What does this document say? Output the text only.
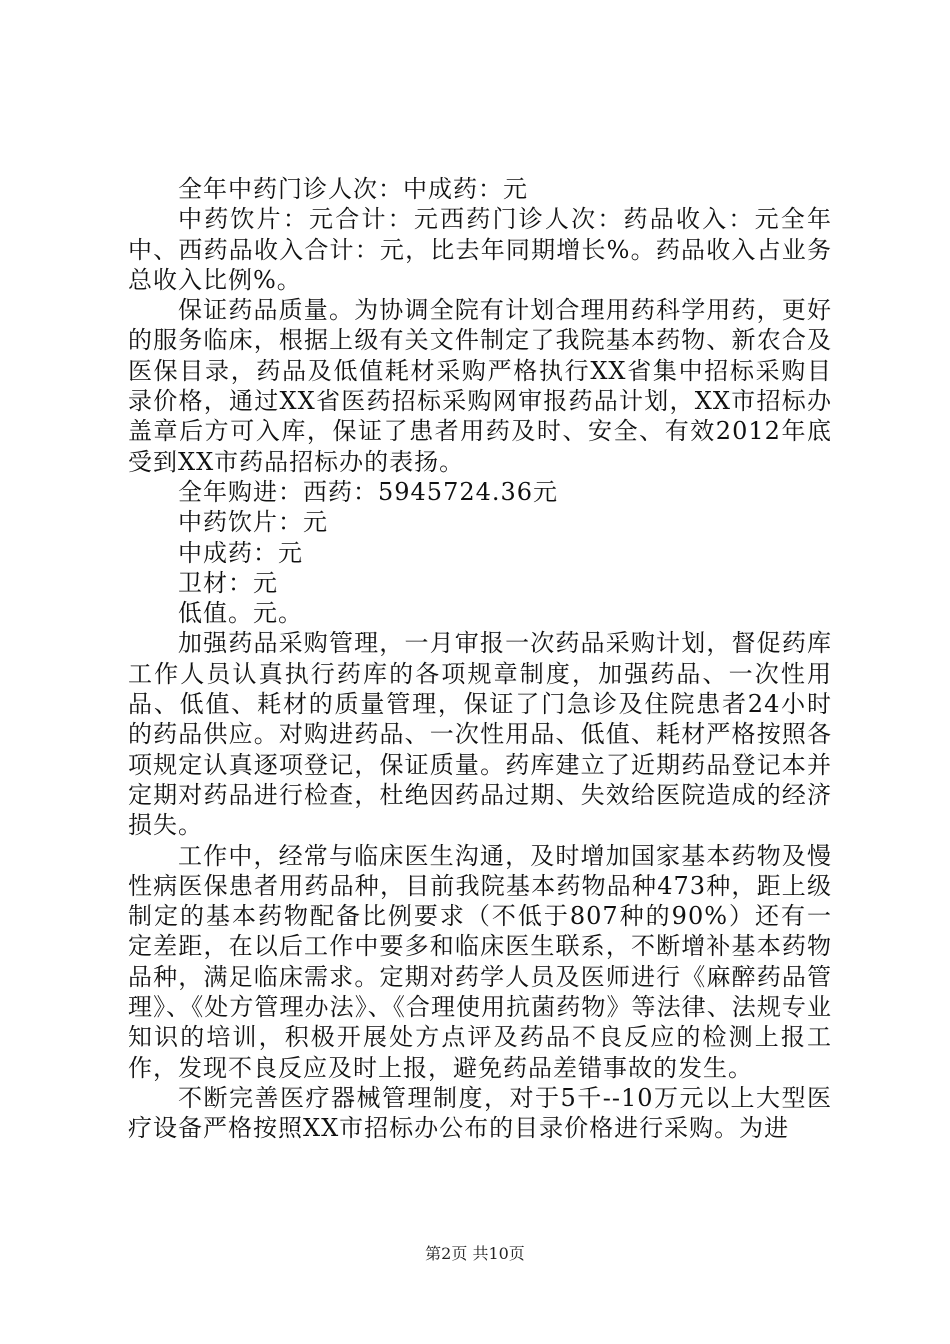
全年中药门诊人次：中成药：元

中药饮片：元合计：元西药门诊人次：药品收入：元全年中、西药品收入合计：元，比去年同期增长%。药品收入占业务总收入比例%。

保证药品质量。为协调全院有计划合理用药科学用药，更好的服务临床，根据上级有关文件制定了我院基本药物、新农合及医保目录，药品及低值耗材采购严格执行XX省集中招标采购目录价格，通过XX省医药招标采购网审报药品计划，XX市招标办盖章后方可入库，保证了患者用药及时、安全、有效2012年底受到XX市药品招标办的表扬。

全年购进：西药：5945724.36元

中药饮片：元

中成药：元

卫材：元

低值。元。

加强药品采购管理，一月审报一次药品采购计划，督促药库工作人员认真执行药库的各项规章制度，加强药品、一次性用品、低值、耗材的质量管理，保证了门急诊及住院患者24小时的药品供应。对购进药品、一次性用品、低值、耗材严格按照各项规定认真逐项登记，保证质量。药库建立了近期药品登记本并定期对药品进行检查，杜绝因药品过期、失效给医院造成的经济损失。

工作中，经常与临床医生沟通，及时增加国家基本药物及慢性病医保患者用药品种，目前我院基本药物品种473种，距上级制定的基本药物配备比例要求（不低于807种的90%）还有一定差距，在以后工作中要多和临床医生联系，不断增补基本药物品种，满足临床需求。定期对药学人员及医师进行《麻醉药品管理》、《处方管理办法》、《合理使用抗菌药物》等法律、法规专业知识的培训，积极开展处方点评及药品不良反应的检测上报工作，发现不良反应及时上报，避免药品差错事故的发生。

不断完善医疗器械管理制度，对于5千--10万元以上大型医疗设备严格按照XX市招标办公布的目录价格进行采购。为进

第2页 共10页
